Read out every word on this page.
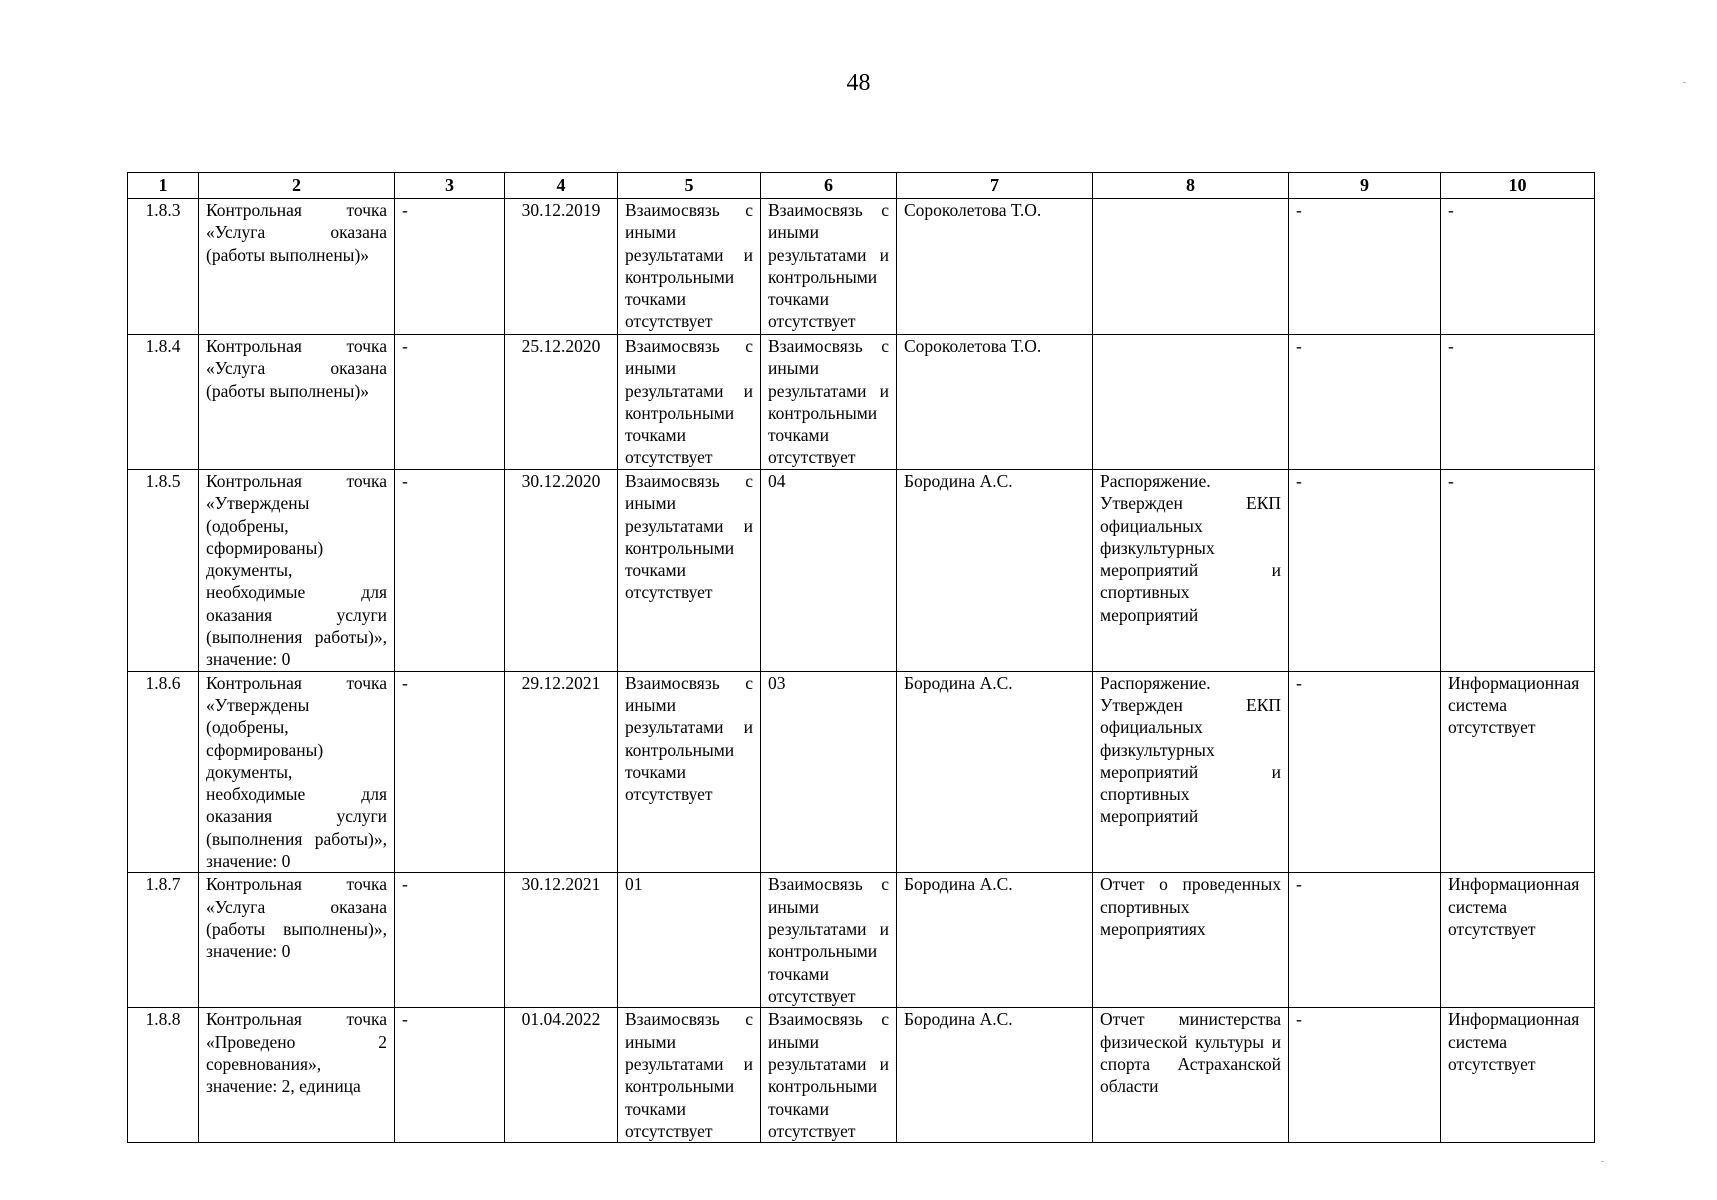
48
1	2	3	4	5	6	7	8	9	10
1.8.3	Контрольная точка «Услуга оказана (работы выполнены)»	-	30.12.2019	Взаимосвязь с иными результатами и контрольными точками отсутствует	Взаимосвязь с иными результатами и контрольными точками отсутствует	Сороколетова Т.О.		-	-
1.8.4	Контрольная точка «Услуга оказана (работы выполнены)»	-	25.12.2020	Взаимосвязь с иными результатами и контрольными точками отсутствует	Взаимосвязь с иными результатами и контрольными точками отсутствует	Сороколетова Т.О.		-	-
1.8.5	Контрольная точка «Утверждены (одобрены, сформированы) документы, необходимые для оказания услуги (выполнения работы)», значение: 0	-	30.12.2020	Взаимосвязь с иными результатами и контрольными точками отсутствует	04	Бородина А.С.	Распоряжение. Утвержден ЕКП официальных физкультурных мероприятий и спортивных мероприятий	-	-
1.8.6	Контрольная точка «Утверждены (одобрены, сформированы) документы, необходимые для оказания услуги (выполнения работы)», значение: 0	-	29.12.2021	Взаимосвязь с иными результатами и контрольными точками отсутствует	03	Бородина А.С.	Распоряжение. Утвержден ЕКП официальных физкультурных мероприятий и спортивных мероприятий	-	Информационная система отсутствует
1.8.7	Контрольная точка «Услуга оказана (работы выполнены)», значение: 0	-	30.12.2021	01	Взаимосвязь с иными результатами и контрольными точками отсутствует	Бородина А.С.	Отчет о проведенных спортивных мероприятиях	-	Информационная система отсутствует
1.8.8	Контрольная точка «Проведено 2 соревнования», значение: 2, единица	-	01.04.2022	Взаимосвязь с иными результатами и контрольными точками отсутствует	Взаимосвязь с иными результатами и контрольными точками отсутствует	Бородина А.С.	Отчет министерства физической культуры и спорта Астраханской области	-	Информационная система отсутствует
